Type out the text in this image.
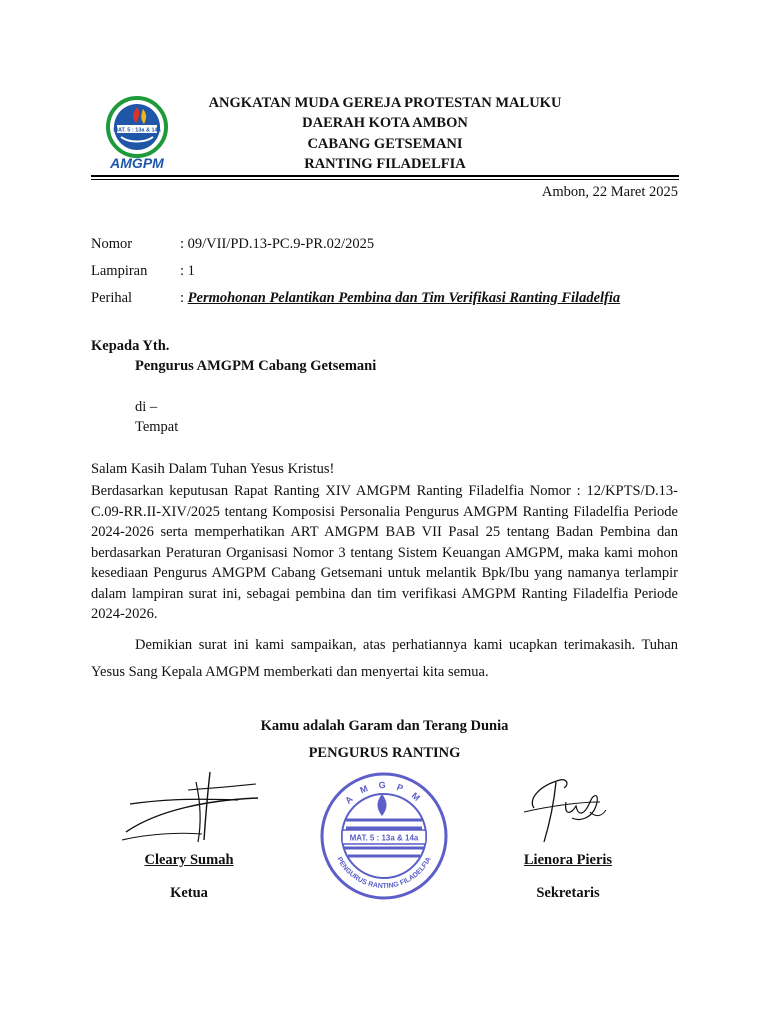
MAT. 5 : 13a & 14a
AMGPM
ANGKATAN MUDA GEREJA PROTESTAN MALUKU
DAERAH KOTA AMBON
CABANG GETSEMANI
RANTING FILADELFIA
Ambon, 22 Maret 2025
Nomor	: 09/VII/PD.13-PC.9-PR.02/2025
Lampiran : 1
Perihal	: Permohonan Pelantikan Pembina dan Tim Verifikasi Ranting Filadelfia
Kepada Yth.
Pengurus AMGPM Cabang Getsemani
di –
Tempat
Salam Kasih Dalam Tuhan Yesus Kristus!
Berdasarkan keputusan Rapat Ranting XIV AMGPM Ranting Filadelfia Nomor : 12/KPTS/D.13-C.09-RR.II-XIV/2025 tentang Komposisi Personalia Pengurus AMGPM Ranting Filadelfia Periode 2024-2026 serta memperhatikan ART AMGPM BAB VII Pasal 25 tentang Badan Pembina dan berdasarkan Peraturan Organisasi Nomor 3 tentang Sistem Keuangan AMGPM, maka kami mohon kesediaan Pengurus AMGPM Cabang Getsemani untuk melantik Bpk/Ibu yang namanya terlampir dalam lampiran surat ini, sebagai pembina dan tim verifikasi AMGPM Ranting Filadelfia Periode 2024-2026.
Demikian surat ini kami sampaikan, atas perhatiannya kami ucapkan terimakasih. Tuhan Yesus Sang Kepala AMGPM memberkati dan menyertai kita semua.
Kamu adalah Garam dan Terang Dunia
PENGURUS RANTING
Cleary Sumah
Ketua
MAT. 5 : 13a & 14a
A M G P M
PENGURUS RANTING FILADELFIA	Lienora Pieris
Sekretaris
